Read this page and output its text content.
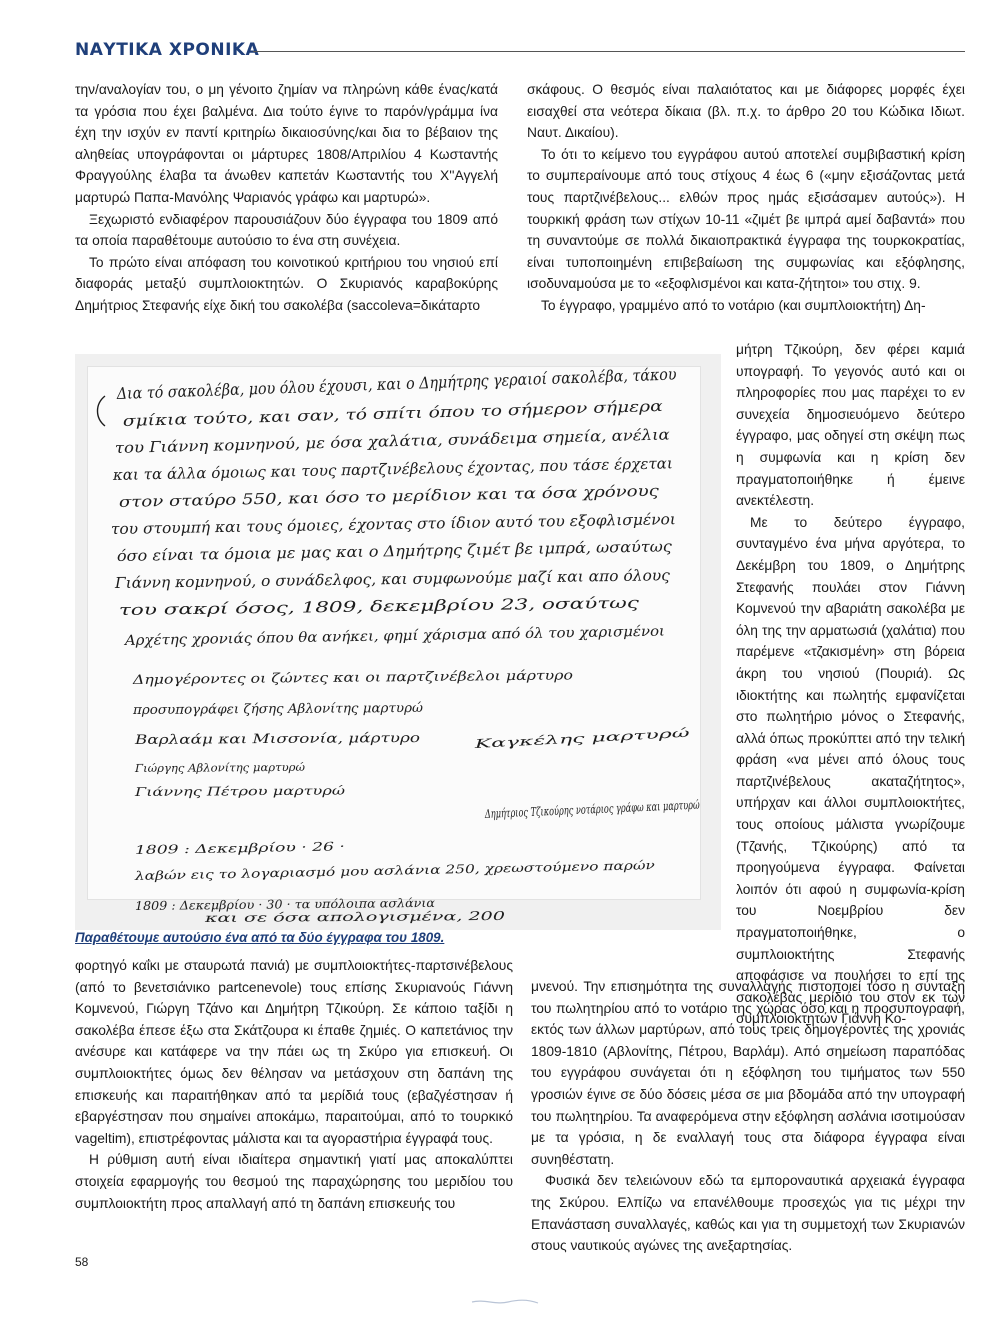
ΝΑΥΤΙΚΑ ΧΡΟΝΙΚΑ

την/αναλογίαν του, ο μη γένοιτο ζημίαν να πληρώνη κάθε ένας/κατά τα γρόσια που έχει βαλμένα. Δια τούτο έγινε το παρόν/γράμμα ίνα έχη την ισχύν εν παντί κριτηρίω δικαιοσύνης/και δια το βέβαιον της αληθείας υπογράφονται οι μάρτυρες 1808/Απριλίου 4 Κωσταντής Φραγγούλης έλαβα τα άνωθεν καπετάν Κωσταντής του Χ''Αγγελή μαρτυρώ Παπα-Μανόλης Ψαριανός γράφω και μαρτυρώ».

Ξεχωριστό ενδιαφέρον παρουσιάζουν δύο έγγραφα του 1809 από τα οποία παραθέτουμε αυτούσιο το ένα στη συνέχεια.

Το πρώτο είναι απόφαση του κοινοτικού κριτήριου του νησιού επί διαφοράς μεταξύ συμπλοιοκτητών. Ο Σκυριανός καραβοκύρης Δημήτριος Στεφανής είχε δική του σακολέβα (saccoleva=δικάταρτο

σκάφους. Ο θεσμός είναι παλαιότατος και με διάφορες μορφές έχει εισαχθεί στα νεότερα δίκαια (βλ. π.χ. το άρθρο 20 του Κώδικα Ιδιωτ. Ναυτ. Δικαίου).

Το ότι το κείμενο του εγγράφου αυτού αποτελεί συμβιβαστική κρίση το συμπεραίνουμε από τους στίχους 4 έως 6 («μην εξισάζοντας μετά τους παρτζινέβελους... ελθών προς ημάς εξισάσαμεν αυτούς»). Η τουρκική φράση των στίχων 10-11 «ζιμέτ βε ιμπρά αμεί δαβαντά» που τη συναντούμε σε πολλά δικαιοπρακτικά έγγραφα της τουρκοκρατίας, είναι τυποποιημένη επιβεβαίωση της συμφωνίας και εξόφλησης, ισοδυναμούσα με το «εξοφλισμένοι και κατα-ζήτητοι» του στιχ. 9.

Το έγγραφο, γραμμένο από το νοτάριο (και συμπλοιοκτήτη) Δη-

μήτρη Τζικούρη, δεν φέρει καμιά υπογραφή. Το γεγονός αυτό και οι πληροφορίες που μας παρέχει το εν συνεχεία δημοσιευόμενο δεύτερο έγγραφο, μας οδηγεί στη σκέψη πως η συμφωνία και η κρίση δεν πραγματοποιήθηκε ή έμεινε ανεκτέλεστη.

Με το δεύτερο έγγραφο, συνταγμένο ένα μήνα αργότερα, το Δεκέμβρη του 1809, ο Δημήτρης Στεφανής πουλάει στον Γιάννη Κομνενού την αβαριάτη σακολέβα με όλη της την αρματωσιά (χαλάτια) που παρέμενε «τζακισμένη» στη βόρεια άκρη του νησιού (Πουριά). Ως ιδιοκτήτης και πωλητής εμφανίζεται στο πωλητήριο μόνος ο Στεφανής, αλλά όπως προκύπτει από την τελική φράση «να μένει από όλους τους παρτζινέβελους ακαταζήτητος», υπήρχαν και άλλοι συμπλοιοκτήτες, τους οποίους μάλιστα γνωρίζουμε (Τζανής, Τζικούρης) από τα προηγούμενα έγγραφα. Φαίνεται λοιπόν ότι αφού η συμφωνία-κρίση του Νοεμβρίου δεν πραγματοποιήθηκε, ο συμπλοιοκτήτης Στεφανής αποφάσισε να πουλήσει το επί της σακολέβας μερίδιό του στον εκ των συμπλοιοκτητών Γιάννη Κο-

Δια τό σακολέβα, μου όλου έχουσι, και ο Δημήτρης γεραιοί σακολέβα, τάκου
σμίκια τούτο, και σαν, τό σπίτι όπου το σήμερον σήμερα
του Γιάννη κομνηνού, με όσα χαλάτια, συνάδειμα σημεία, ανέλια
και τα άλλα όμοιως και τους παρτζινέβελους έχοντας, που τάσε έρχεται
στον σταύρο 550, και όσο το μερίδιον και τα όσα χρόνους
του στουμπή και τους όμοιες, έχοντας στο ίδιον αυτό του εξοφλισμένοι
όσο είναι τα όμοια με μας και ο Δημήτρης ζιμέτ βε ιμπρά, ωσαύτως
Γιάννη κομνηνού, ο συνάδελφος, και συμφωνούμε μαζί και απο όλους
του σακρί όσος, 1809, δεκεμβρίου 23, οσαύτως
Αρχέτης χρονιάς όπου θα ανήκει, φημί χάρισμα από όλ του χαρισμένοι
Δημογέροντες οι ζώντες και οι παρτζινέβελοι μάρτυρο
προσυπογράφει ζήσης Αβλονίτης μαρτυρώ
Βαρλαάμ και Μισσονία, μάρτυρο
Γιώργης Αβλονίτης μαρτυρώ
Γιάννης Πέτρου μαρτυρώ
Καγκέλης μαρτυρώ
Δημήτριος Τζικούρης νοτάριος γράφω και μαρτυρώ
1809 : Δεκεμβρίου · 26 ·
λαβών εις το λογαριασμό μου ασλάνια 250, χρεωστούμενο παρών
1809 : Δεκεμβρίου · 30 · τα υπόλοιπα ασλάνια
και σε όσα απολογισμένα, 200
Παραθέτουμε αυτούσιο ένα από τα δύο έγγραφα του 1809.

φορτηγό καΐκι με σταυρωτά πανιά) με συμπλοιοκτήτες-παρτσινέβελους (από το βενετσιάνικο partcenevole) τους επίσης Σκυριανούς Γιάννη Κομνενού, Γιώργη Τζάνο και Δημήτρη Τζικούρη. Σε κάποιο ταξίδι η σακολέβα έπεσε έξω στα Σκάτζουρα κι έπαθε ζημιές. Ο καπετάνιος την ανέσυρε και κατάφερε να την πάει ως τη Σκύρο για επισκευή. Οι συμπλοιοκτήτες όμως δεν θέλησαν να μετάσχουν στη δαπάνη της επισκευής και παραιτήθηκαν από τα μερίδιά τους (εβαζγέστησαν ή εβαργέστησαν που σημαίνει αποκάμω, παραιτούμαι, από το τουρκικό vageltim), επιστρέφοντας μάλιστα και τα αγοραστήρια έγγραφά τους.

Η ρύθμιση αυτή είναι ιδιαίτερα σημαντική γιατί μας αποκαλύπτει στοιχεία εφαρμογής του θεσμού της παραχώρησης του μεριδίου του συμπλοιοκτήτη προς απαλλαγή από τη δαπάνη επισκευής του

μνενού. Την επισημότητα της συναλλαγής πιστοποιεί τόσο η σύνταξη του πωλητηρίου από το νοτάριο της χώρας όσο και η προσυπογραφή, εκτός των άλλων μαρτύρων, από τους τρεις δημογέροντες της χρονιάς 1809-1810 (Αβλονίτης, Πέτρου, Βαρλάμ). Από σημείωση παραπόδας του εγγράφου συνάγεται ότι η εξόφληση του τιμήματος των 550 γροσιών έγινε σε δύο δόσεις μέσα σε μια βδομάδα από την υπογραφή του πωλητηρίου. Τα αναφερόμενα στην εξόφληση ασλάνια ισοτιμούσαν με τα γρόσια, η δε εναλλαγή τους στα διάφορα έγγραφα είναι συνηθέστατη.

Φυσικά δεν τελειώνουν εδώ τα εμποροναυτικά αρχειακά έγγραφα της Σκύρου. Ελπίζω να επανέλθουμε προσεχώς για τις μέχρι την Επανάσταση συναλλαγές, καθώς και για τη συμμετοχή των Σκυριανών στους ναυτικούς αγώνες της ανεξαρτησίας.

58
